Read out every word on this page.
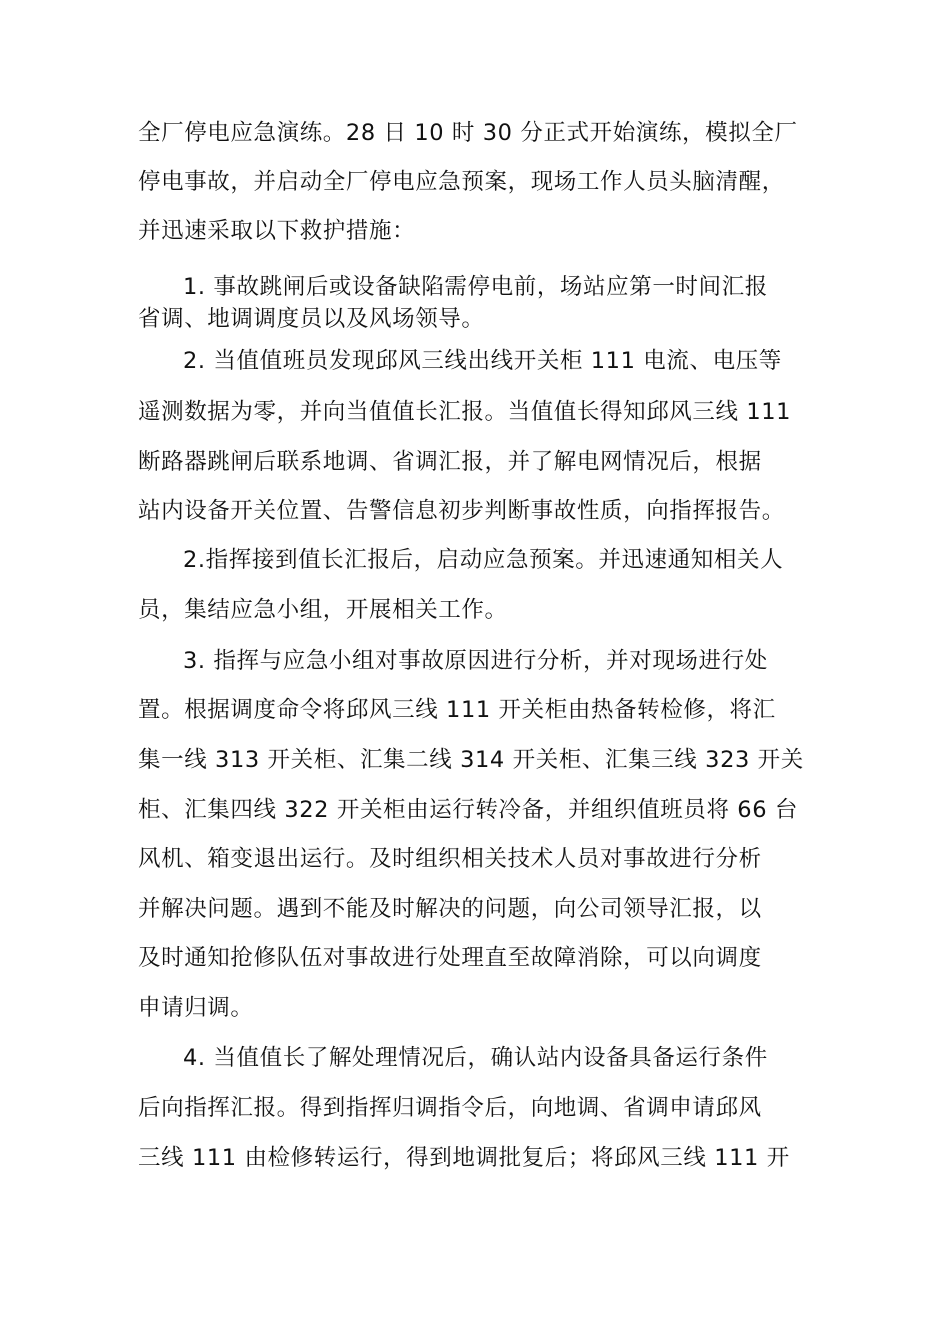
全厂停电应急演练。28 日 10 时 30 分正式开始演练，模拟全厂
停电事故，并启动全厂停电应急预案，现场工作人员头脑清醒，
并迅速采取以下救护措施：
1. 事故跳闸后或设备缺陷需停电前，场站应第一时间汇报
省调、地调调度员以及风场领导。
2. 当值值班员发现邱风三线出线开关柜 111 电流、电压等
遥测数据为零，并向当值值长汇报。当值值长得知邱风三线 111
断路器跳闸后联系地调、省调汇报，并了解电网情况后，根据
站内设备开关位置、告警信息初步判断事故性质，向指挥报告。
2.指挥接到值长汇报后，启动应急预案。并迅速通知相关人
员，集结应急小组，开展相关工作。
3. 指挥与应急小组对事故原因进行分析，并对现场进行处
置。根据调度命令将邱风三线 111 开关柜由热备转检修，将汇
集一线 313 开关柜、汇集二线 314 开关柜、汇集三线 323 开关
柜、汇集四线 322 开关柜由运行转冷备，并组织值班员将 66 台
风机、箱变退出运行。及时组织相关技术人员对事故进行分析
并解决问题。遇到不能及时解决的问题，向公司领导汇报，以
及时通知抢修队伍对事故进行处理直至故障消除，可以向调度
申请归调。
4. 当值值长了解处理情况后，确认站内设备具备运行条件
后向指挥汇报。得到指挥归调指令后，向地调、省调申请邱风
三线 111 由检修转运行，得到地调批复后；将邱风三线 111 开
